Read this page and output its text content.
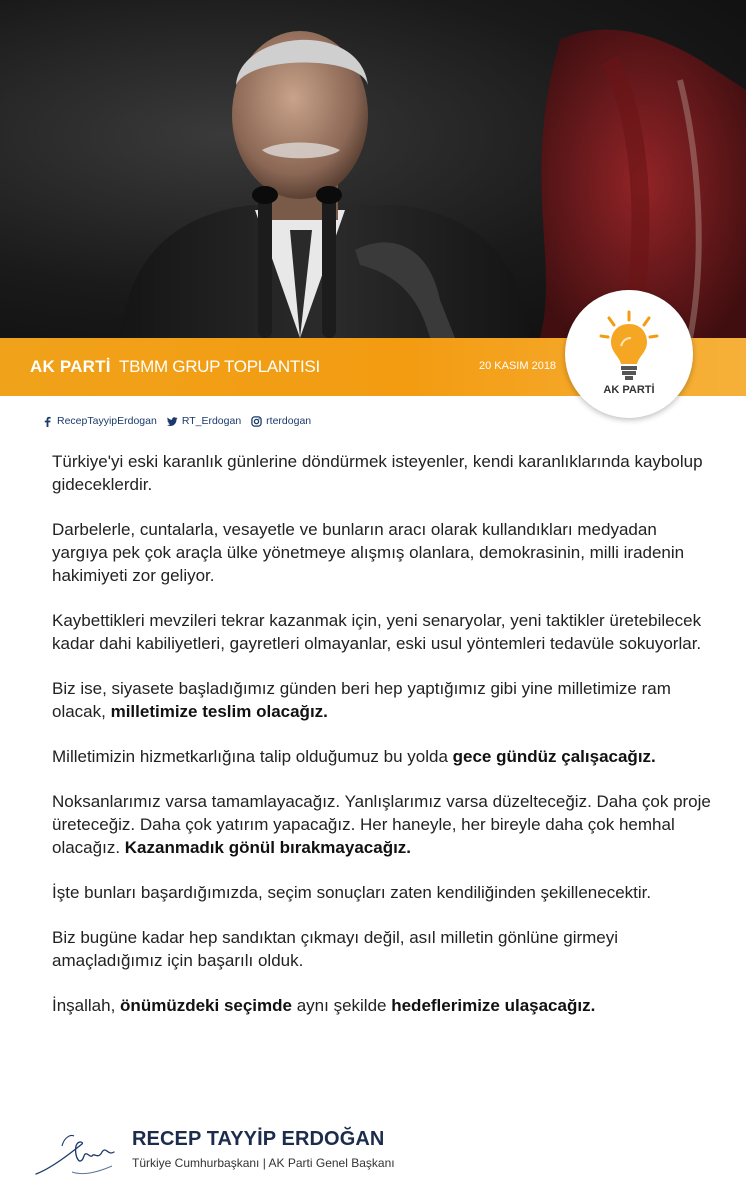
AK PARTİ TBMM GRUP TOPLANTISI	20 KASIM 2018
AK PARTİ
RecepTayyipErdogan RT_Erdogan rterdogan

Türkiye'yi eski karanlık günlerine döndürmek isteyenler, kendi karanlıklarında kaybolup gideceklerdir.

Darbelerle, cuntalarla, vesayetle ve bunların aracı olarak kullandıkları medyadan yargıya pek çok araçla ülke yönetmeye alışmış olanlara, demokrasinin, milli iradenin hakimiyeti zor geliyor.

Kaybettikleri mevzileri tekrar kazanmak için, yeni senaryolar, yeni taktikler üretebilecek kadar dahi kabiliyetleri, gayretleri olmayanlar, eski usul yöntemleri tedavüle sokuyorlar.

Biz ise, siyasete başladığımız günden beri hep yaptığımız gibi yine milletimize ram olacak, milletimize teslim olacağız.

Milletimizin hizmetkarlığına talip olduğumuz bu yolda gece gündüz çalışacağız.

Noksanlarımız varsa tamamlayacağız. Yanlışlarımız varsa düzelteceğiz. Daha çok proje üreteceğiz. Daha çok yatırım yapacağız. Her haneyle, her bireyle daha çok hemhal olacağız. Kazanmadık gönül bırakmayacağız.

İşte bunları başardığımızda, seçim sonuçları zaten kendiliğinden şekillenecektir.

Biz bugüne kadar hep sandıktan çıkmayı değil, asıl milletin gönlüne girmeyi amaçladığımız için başarılı olduk.

İnşallah, önümüzdeki seçimde aynı şekilde hedeflerimize ulaşacağız.

RECEP TAYYİP ERDOĞAN
Türkiye Cumhurbaşkanı | AK Parti Genel Başkanı
